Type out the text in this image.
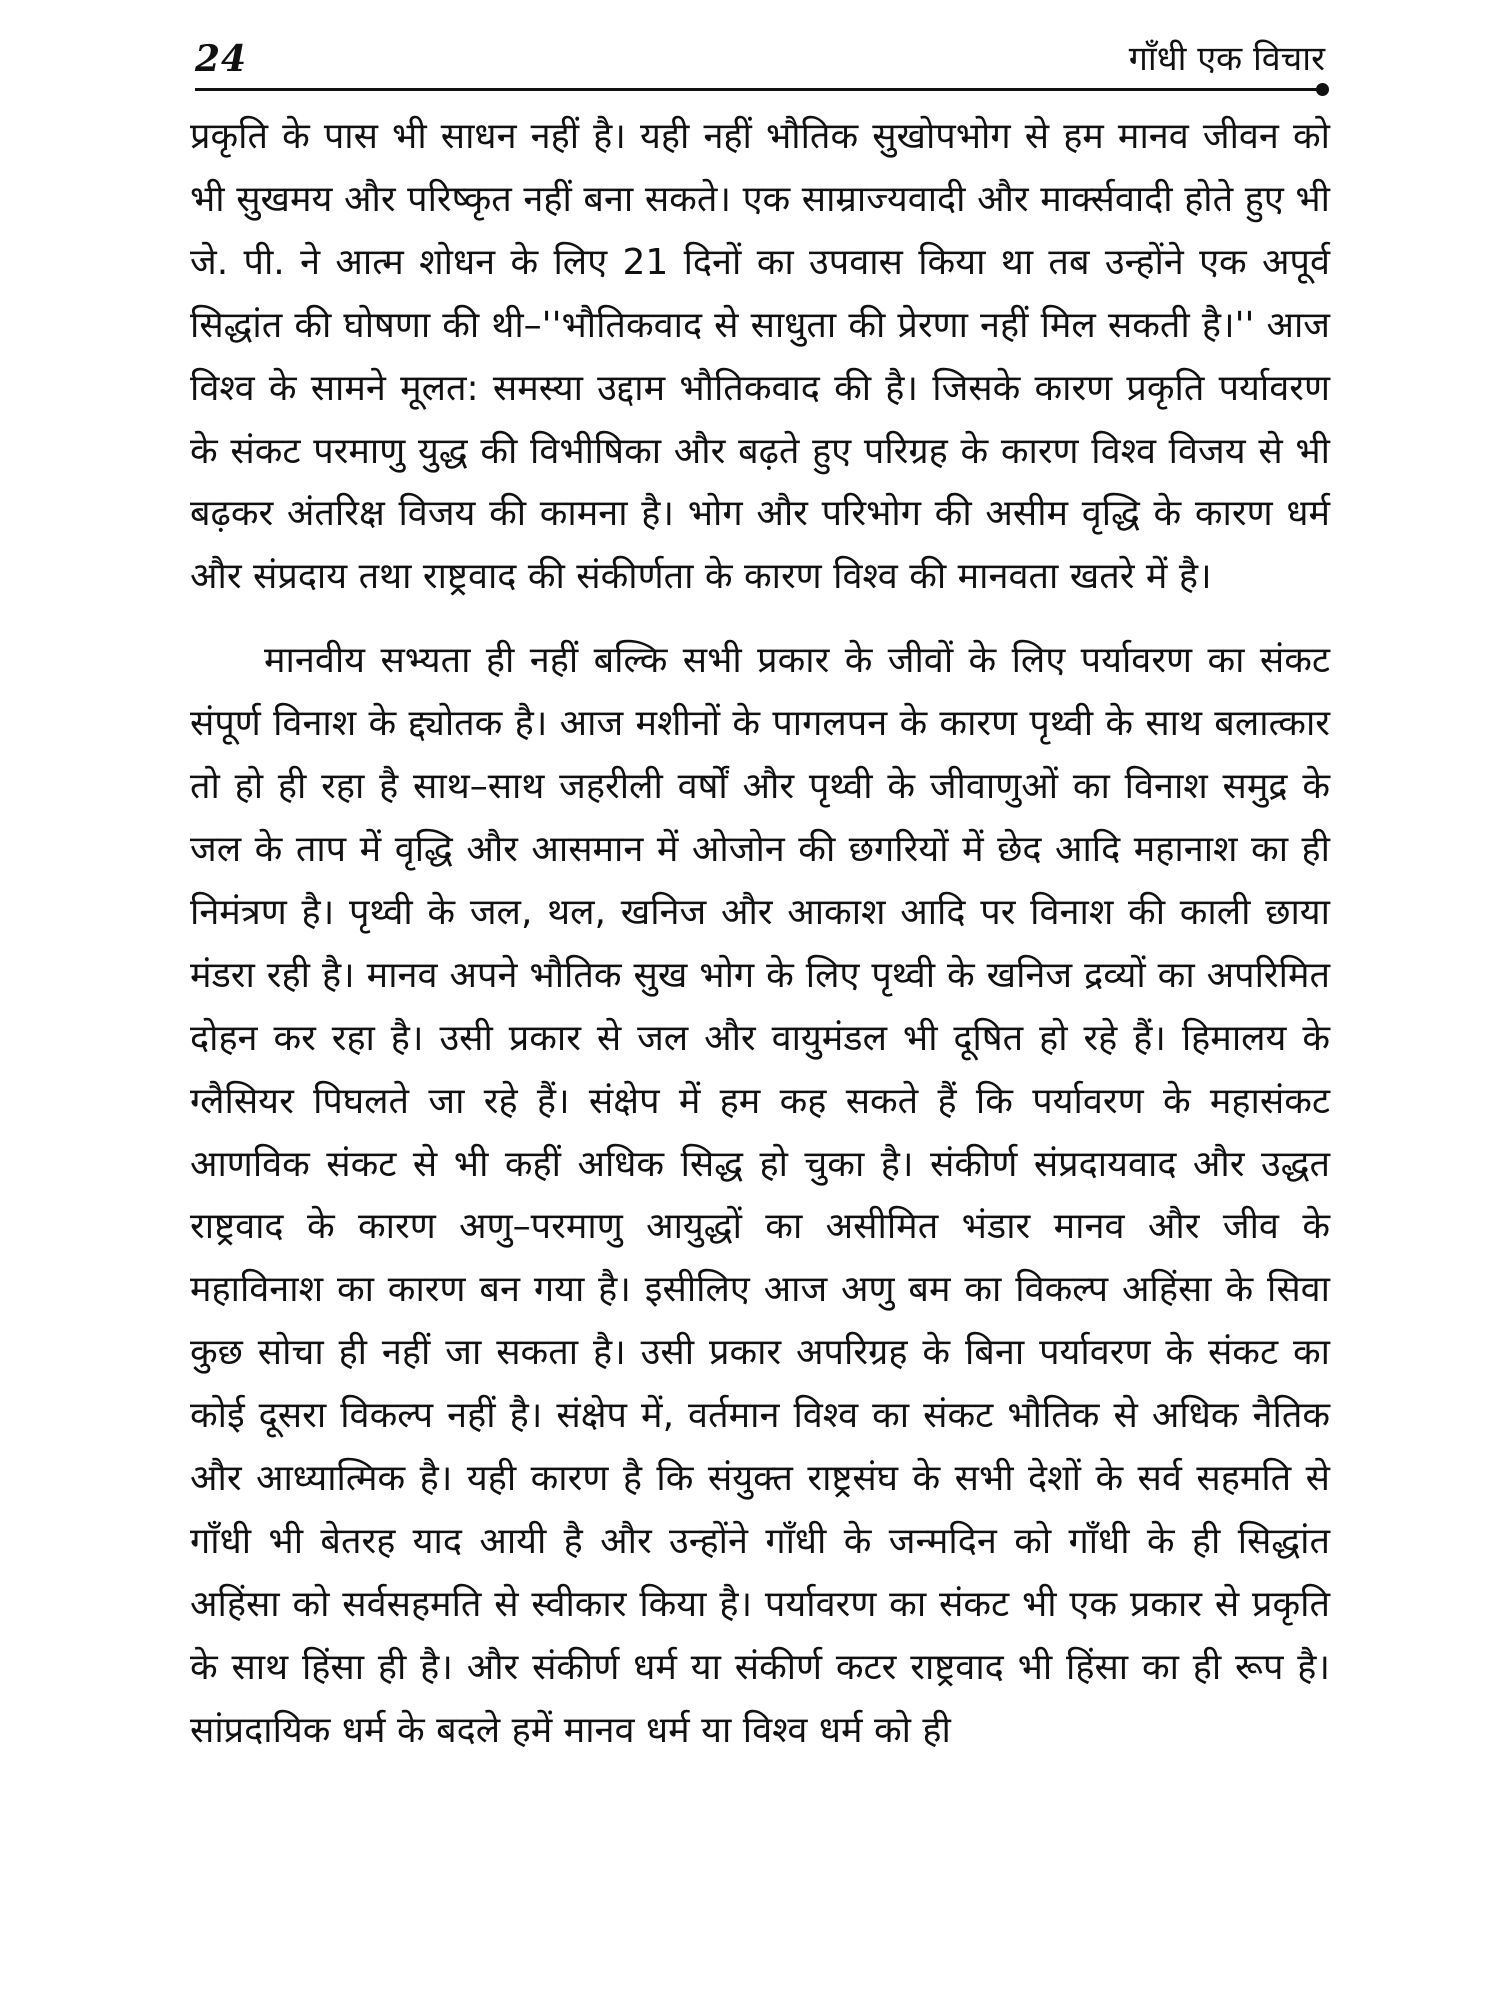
24	गाँधी एक विचार

प्रकृति के पास भी साधन नहीं है। यही नहीं भौतिक सुखोपभोग से हम मानव जीवन को भी सुखमय और परिष्कृत नहीं बना सकते। एक साम्राज्यवादी और मार्क्सवादी होते हुए भी जे. पी. ने आत्म शोधन के लिए 21 दिनों का उपवास किया था तब उन्होंने एक अपूर्व सिद्धांत की घोषणा की थी–''भौतिकवाद से साधुता की प्रेरणा नहीं मिल सकती है।'' आज विश्व के सामने मूलत: समस्या उद्दाम भौतिकवाद की है। जिसके कारण प्रकृति पर्यावरण के संकट परमाणु युद्ध की विभीषिका और बढ़ते हुए परिग्रह के कारण विश्व विजय से भी बढ़कर अंतरिक्ष विजय की कामना है। भोग और परिभोग की असीम वृद्धि के कारण धर्म और संप्रदाय तथा राष्ट्रवाद की संकीर्णता के कारण विश्व की मानवता खतरे में है।

मानवीय सभ्यता ही नहीं बल्कि सभी प्रकार के जीवों के लिए पर्यावरण का संकट संपूर्ण विनाश के द्द्योतक है। आज मशीनों के पागलपन के कारण पृथ्वी के साथ बलात्कार तो हो ही रहा है साथ–साथ जहरीली वर्षों और पृथ्वी के जीवाणुओं का विनाश समुद्र के जल के ताप में वृद्धि और आसमान में ओजोन की छगरियों में छेद आदि महानाश का ही निमंत्रण है। पृथ्वी के जल, थल, खनिज और आकाश आदि पर विनाश की काली छाया मंडरा रही है। मानव अपने भौतिक सुख भोग के लिए पृथ्वी के खनिज द्रव्यों का अपरिमित दोहन कर रहा है। उसी प्रकार से जल और वायुमंडल भी दूषित हो रहे हैं। हिमालय के ग्लैसियर पिघलते जा रहे हैं। संक्षेप में हम कह सकते हैं कि पर्यावरण के महासंकट आणविक संकट से भी कहीं अधिक सिद्ध हो चुका है। संकीर्ण संप्रदायवाद और उद्धत राष्ट्रवाद के कारण अणु–परमाणु आयुद्धों का असीमित भंडार मानव और जीव के महाविनाश का कारण बन गया है। इसीलिए आज अणु बम का विकल्प अहिंसा के सिवा कुछ सोचा ही नहीं जा सकता है। उसी प्रकार अपरिग्रह के बिना पर्यावरण के संकट का कोई दूसरा विकल्प नहीं है। संक्षेप में, वर्तमान विश्व का संकट भौतिक से अधिक नैतिक और आध्यात्मिक है। यही कारण है कि संयुक्त राष्ट्रसंघ के सभी देशों के सर्व सहमति से गाँधी भी बेतरह याद आयी है और उन्होंने गाँधी के जन्मदिन को गाँधी के ही सिद्धांत अहिंसा को सर्वसहमति से स्वीकार किया है। पर्यावरण का संकट भी एक प्रकार से प्रकृति के साथ हिंसा ही है। और संकीर्ण धर्म या संकीर्ण कटर राष्ट्रवाद भी हिंसा का ही रूप है। सांप्रदायिक धर्म के बदले हमें मानव धर्म या विश्व धर्म को ही
